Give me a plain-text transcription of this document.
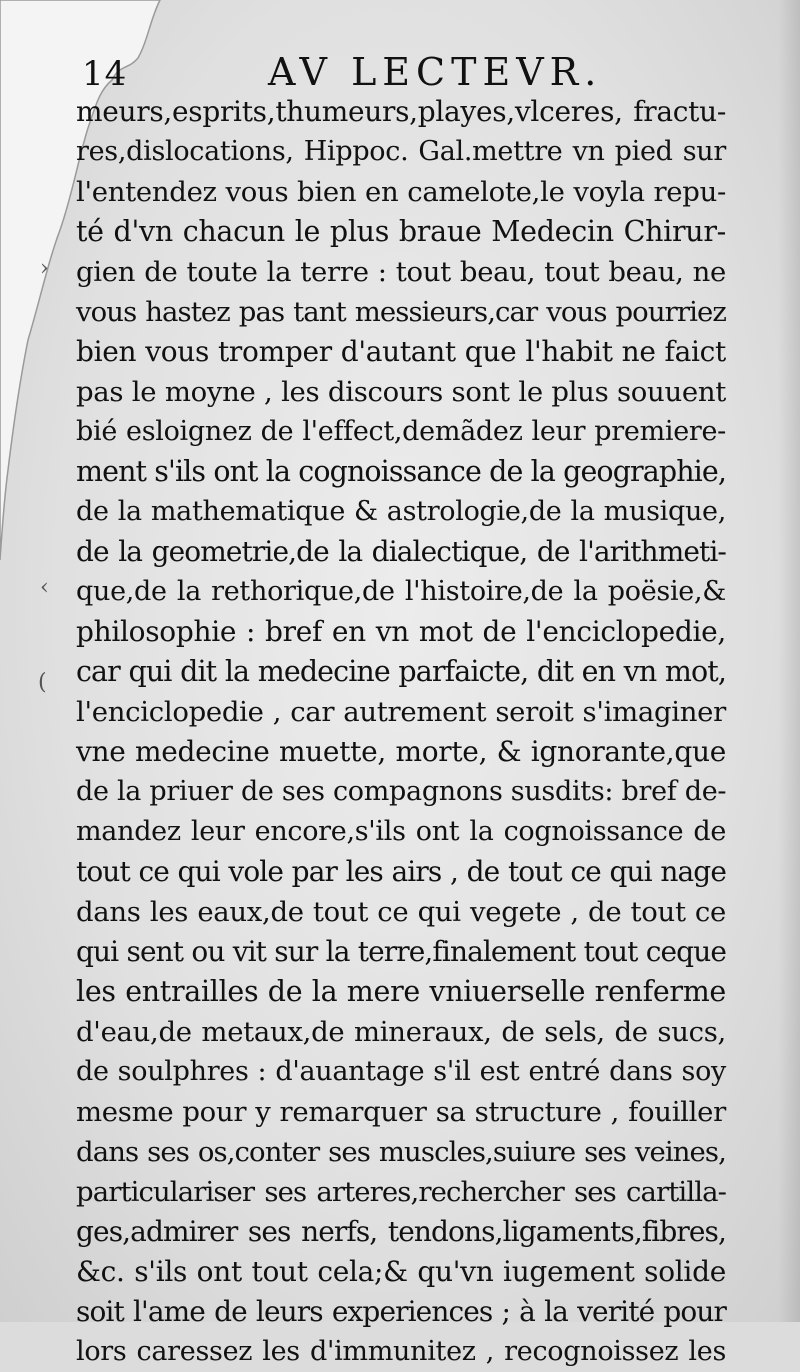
14	AV LECTEVR.
›
‹
(
meurs,esprits,thumeurs,playes,vlceres, fractu-
res,dislocations, Hippoc. Gal.mettre vn pied sur
l'entendez vous bien en camelote,le voyla repu-
té d'vn chacun le plus braue Medecin Chirur-
gien de toute la terre : tout beau, tout beau, ne
vous hastez pas tant messieurs,car vous pourriez
bien vous tromper d'autant que l'habit ne faict
pas le moyne , les discours sont le plus souuent
bié esloignez de l'effect,demãdez leur premiere-
ment s'ils ont la cognoissance de la geographie,
de la mathematique & astrologie,de la musique,
de la geometrie,de la dialectique, de l'arithmeti-
que,de la rethorique,de l'histoire,de la poësie,&
philosophie : bref en vn mot de l'enciclopedie,
car qui dit la medecine parfaicte, dit en vn mot,
l'enciclopedie , car autrement seroit s'imaginer
vne medecine muette, morte, & ignorante,que
de la priuer de ses compagnons susdits: bref de-
mandez leur encore,s'ils ont la cognoissance de
tout ce qui vole par les airs , de tout ce qui nage
dans les eaux,de tout ce qui vegete , de tout ce
qui sent ou vit sur la terre,finalement tout ceque
les entrailles de la mere vniuerselle renferme
d'eau,de metaux,de mineraux, de sels, de sucs,
de soulphres : d'auantage s'il est entré dans soy
mesme pour y remarquer sa structure , fouiller
dans ses os,conter ses muscles,suiure ses veines,
particulariser ses arteres,rechercher ses cartilla-
ges,admirer ses nerfs, tendons,ligaments,fibres,
&c. s'ils ont tout cela;& qu'vn iugement solide
soit l'ame de leurs experiences ; à la verité pour
lors caressez les d'immunitez , recognoissez les
